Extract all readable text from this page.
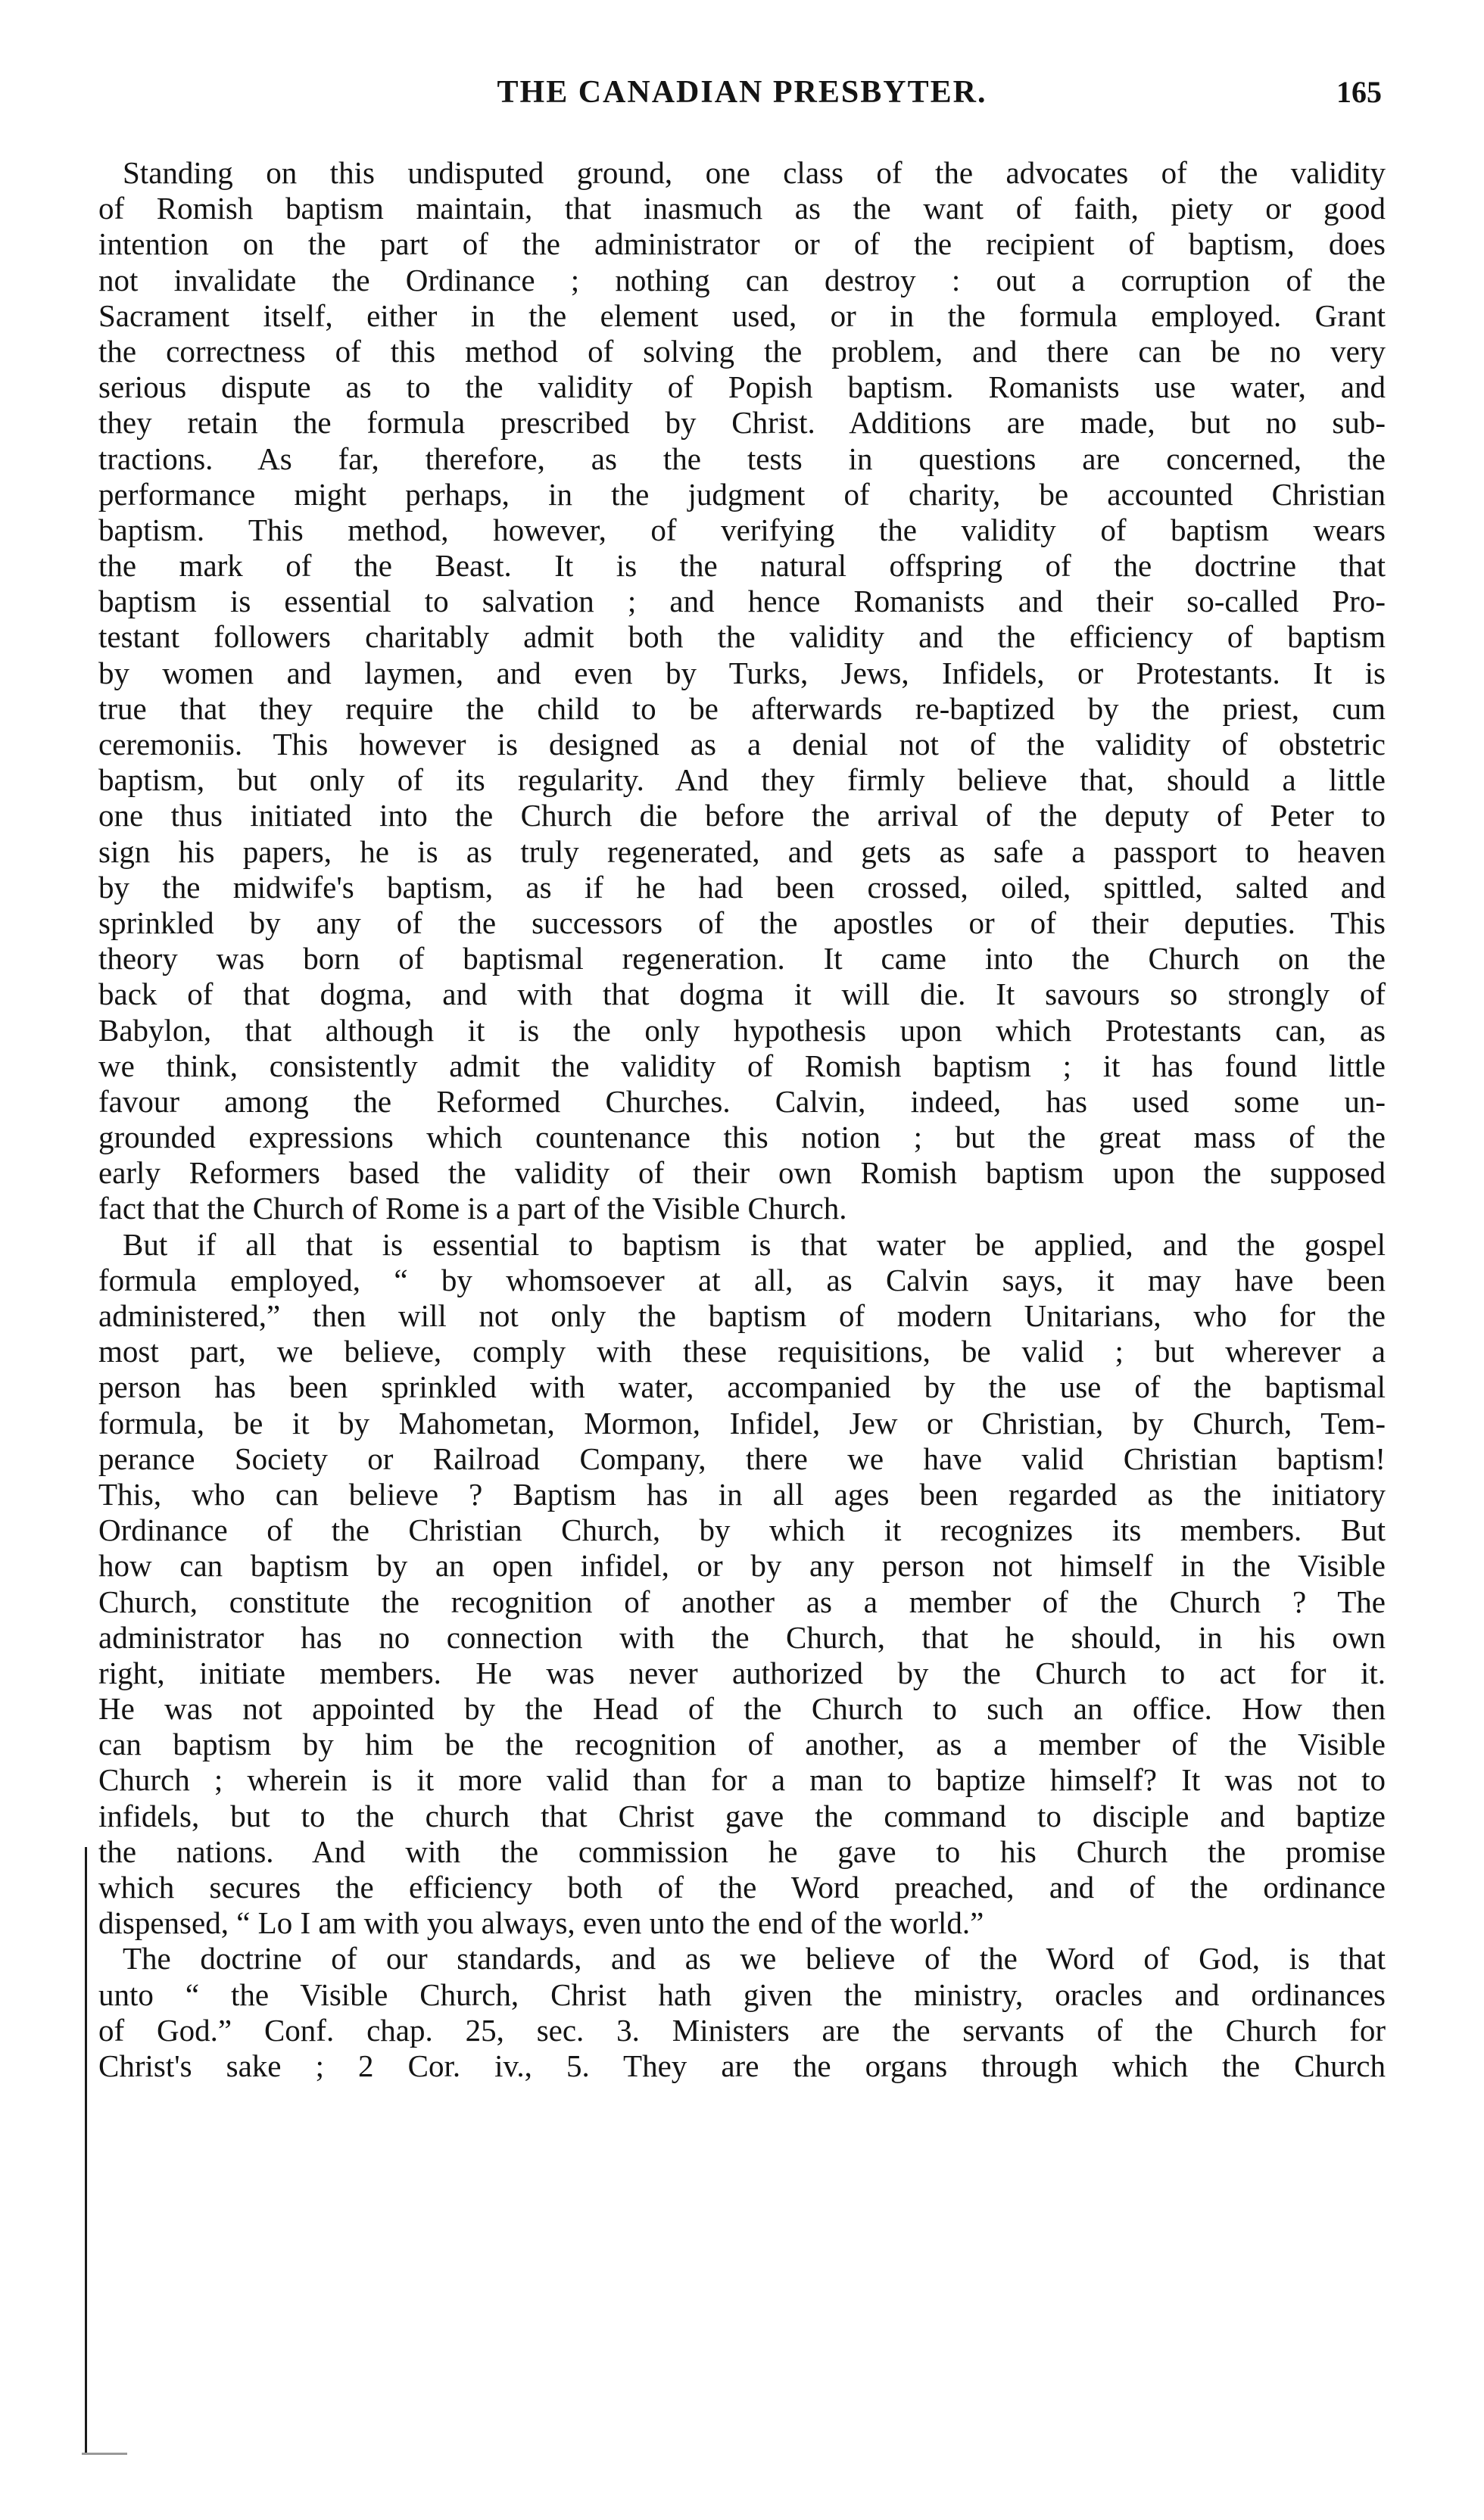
THE CANADIAN PRESBYTER.	165
Standing on this undisputed ground, one class of the advocates of the validity
of Romish baptism maintain, that inasmuch as the want of faith, piety or good
intention on the part of the administrator or of the recipient of baptism, does
not invalidate the Ordinance ; nothing can destroy : out a corruption of the
Sacrament itself, either in the element used, or in the formula employed. Grant
the correctness of this method of solving the problem, and there can be no very
serious dispute as to the validity of Popish baptism. Romanists use water, and
they retain the formula prescribed by Christ. Additions are made, but no sub-
tractions. As far, therefore, as the tests in questions are concerned, the
performance might perhaps, in the judgment of charity, be accounted Christian
baptism. This method, however, of verifying the validity of baptism wears
the mark of the Beast. It is the natural offspring of the doctrine that
baptism is essential to salvation ; and hence Romanists and their so-called Pro-
testant followers charitably admit both the validity and the efficiency of baptism
by women and laymen, and even by Turks, Jews, Infidels, or Protestants. It is
true that they require the child to be afterwards re-baptized by the priest, cum
ceremoniis. This however is designed as a denial not of the validity of obstetric
baptism, but only of its regularity. And they firmly believe that, should a little
one thus initiated into the Church die before the arrival of the deputy of Peter to
sign his papers, he is as truly regenerated, and gets as safe a passport to heaven
by the midwife's baptism, as if he had been crossed, oiled, spittled, salted and
sprinkled by any of the successors of the apostles or of their deputies. This
theory was born of baptismal regeneration. It came into the Church on the
back of that dogma, and with that dogma it will die. It savours so strongly of
Babylon, that although it is the only hypothesis upon which Protestants can, as
we think, consistently admit the validity of Romish baptism ; it has found little
favour among the Reformed Churches. Calvin, indeed, has used some un-
grounded expressions which countenance this notion ; but the great mass of the
early Reformers based the validity of their own Romish baptism upon the supposed
fact that the Church of Rome is a part of the Visible Church.
But if all that is essential to baptism is that water be applied, and the gospel
formula employed, “ by whomsoever at all, as Calvin says, it may have been
administered,” then will not only the baptism of modern Unitarians, who for the
most part, we believe, comply with these requisitions, be valid ; but wherever a
person has been sprinkled with water, accompanied by the use of the baptismal
formula, be it by Mahometan, Mormon, Infidel, Jew or Christian, by Church, Tem-
perance Society or Railroad Company, there we have valid Christian baptism!
This, who can believe ? Baptism has in all ages been regarded as the initiatory
Ordinance of the Christian Church, by which it recognizes its members. But
how can baptism by an open infidel, or by any person not himself in the Visible
Church, constitute the recognition of another as a member of the Church ? The
administrator has no connection with the Church, that he should, in his own
right, initiate members. He was never authorized by the Church to act for it.
He was not appointed by the Head of the Church to such an office. How then
can baptism by him be the recognition of another, as a member of the Visible
Church ; wherein is it more valid than for a man to baptize himself? It was not to
infidels, but to the church that Christ gave the command to disciple and baptize
the nations. And with the commission he gave to his Church the promise
which secures the efficiency both of the Word preached, and of the ordinance
dispensed, “ Lo I am with you always, even unto the end of the world.”
The doctrine of our standards, and as we believe of the Word of God, is that
unto “ the Visible Church, Christ hath given the ministry, oracles and ordinances
of God.” Conf. chap. 25, sec. 3. Ministers are the servants of the Church for
Christ's sake ; 2 Cor. iv., 5. They are the organs through which the Church
